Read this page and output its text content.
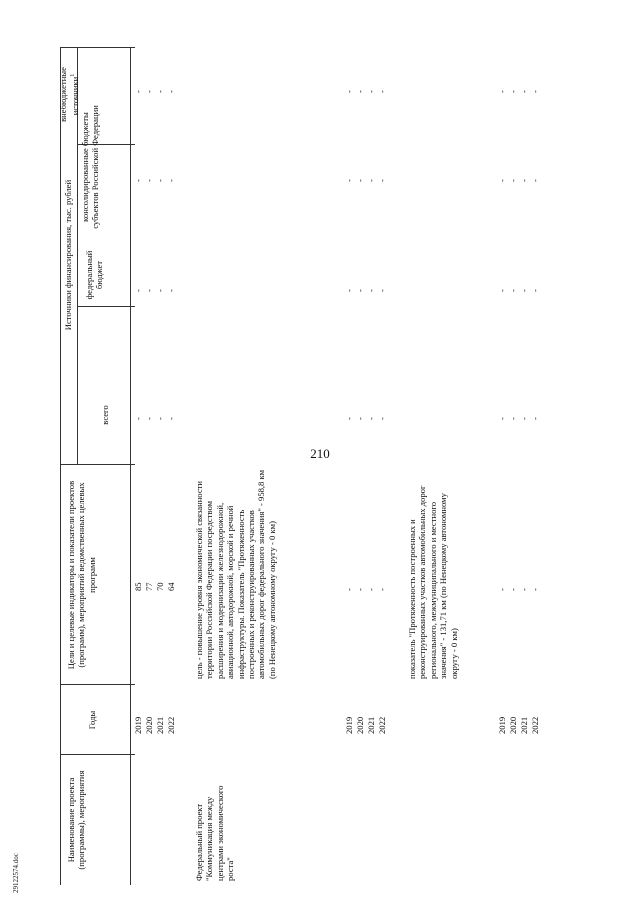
210
29122574.doc
Наименование проекта (программы), мероприятия
Годы
Цели и целевые индикаторы и показатели проектов (программ), мероприятий ведомственных целевых программ
Источники финансирования, тыс. рублей
всего
федеральный бюджет
консолидированные бюджеты субъектов Российской Федерации
внебюджетные источники$^1$
2019
85
-
-
-
-
2020
77
-
-
-
-
2021
70
-
-
-
-
2022
64
-
-
-
-
Федеральный проект "Коммуникация между центрами экономического роста"
цель - повышение уровня экономической связанности территории Российской Федерации посредством расширения и модернизации железнодорожной, авиационной, автодорожной, морской и речной инфраструктуры. Показатель "Протяженность построенных и реконструированных участков автомобильных дорог федерального значения" - 958,8 км (по Ненецкому автономному округу - 0 км)
2019
-
-
-
-
-
2020
-
-
-
-
-
2021
-
-
-
-
-
2022
-
-
-
-
-
показатель "Протяженность построенных и реконструированных участков автомобильных дорог регионального, межмуниципального и местного значения" - 131,71 км (по Ненецкому автономному округу - 0 км)
2019
-
-
-
-
-
2020
-
-
-
-
-
2021
-
-
-
-
-
2022
-
-
-
-
-
